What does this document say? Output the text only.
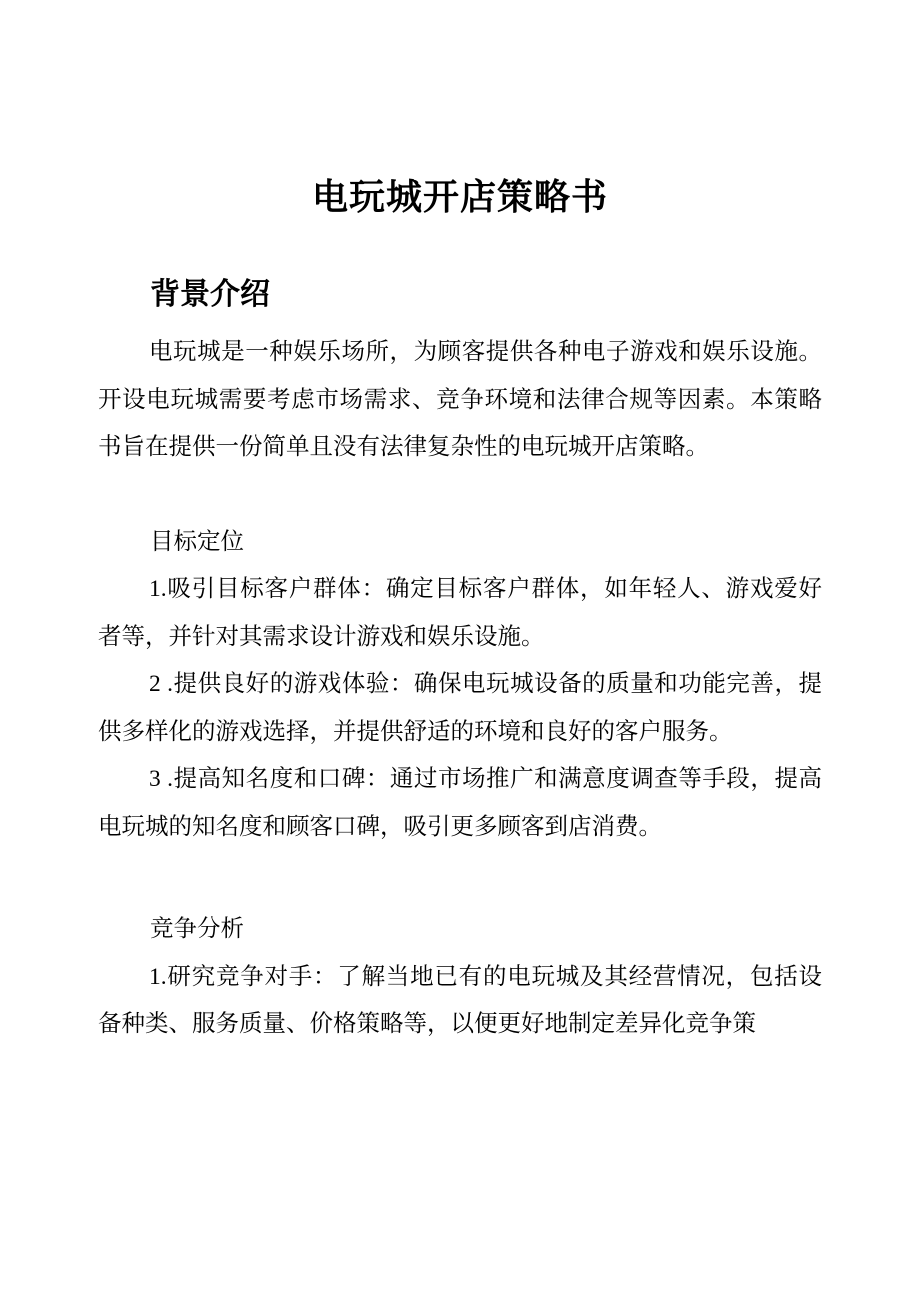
电玩城开店策略书
背景介绍

电玩城是一种娱乐场所，为顾客提供各种电子游戏和娱乐设施。开设电玩城需要考虑市场需求、竞争环境和法律合规等因素。本策略书旨在提供一份简单且没有法律复杂性的电玩城开店策略。

目标定位

1.吸引目标客户群体：确定目标客户群体，如年轻人、游戏爱好者等，并针对其需求设计游戏和娱乐设施。

2 .提供良好的游戏体验：确保电玩城设备的质量和功能完善，提供多样化的游戏选择，并提供舒适的环境和良好的客户服务。

3 .提高知名度和口碑：通过市场推广和满意度调查等手段，提高电玩城的知名度和顾客口碑，吸引更多顾客到店消费。

竞争分析

1.研究竞争对手：了解当地已有的电玩城及其经营情况，包括设备种类、服务质量、价格策略等，以便更好地制定差异化竞争策
